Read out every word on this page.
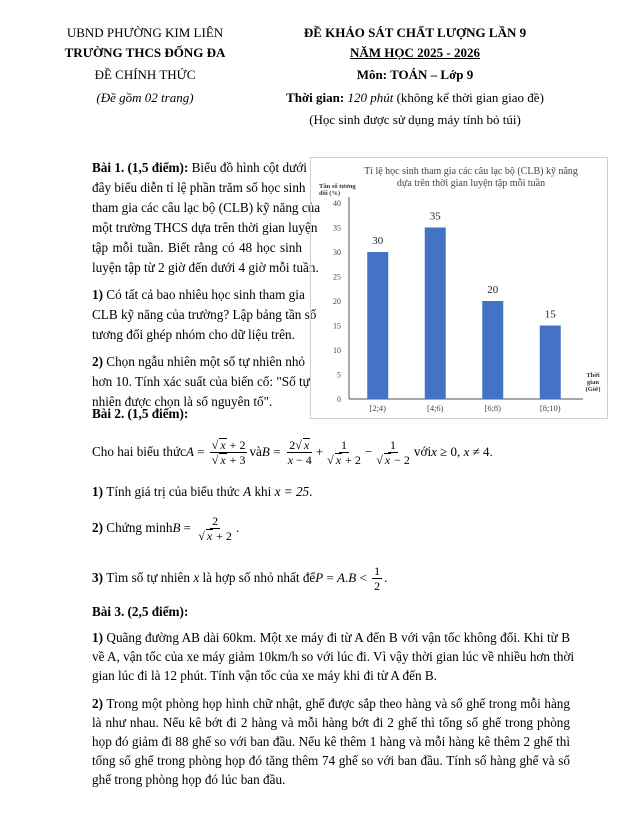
UBND PHƯỜNG KIM LIÊN
TRƯỜNG THCS ĐỐNG ĐA
ĐỀ CHÍNH THỨC
(Đề gồm 02 trang)
ĐỀ KHẢO SÁT CHẤT LƯỢNG LẦN 9
NĂM HỌC 2025 - 2026
Môn: TOÁN – Lớp 9
Thời gian: 120 phút (không kể thời gian giao đề)
(Học sinh được sử dụng máy tính bỏ túi)
Bài 1. (1,5 điểm): Biểu đồ hình cột dưới
đây biểu diễn tỉ lệ phần trăm số học sinh
tham gia các câu lạc bộ (CLB) kỹ năng của
một trường THCS dựa trên thời gian luyện
tập mỗi tuần. Biết rằng có 48 học sinh
luyện tập từ 2 giờ đến dưới 4 giờ mỗi tuần.
1) Có tất cả bao nhiêu học sinh tham gia
CLB kỹ năng của trường? Lập bảng tần số
tương đối ghép nhóm cho dữ liệu trên.
2) Chọn ngẫu nhiên một số tự nhiên nhỏ
hơn 10. Tính xác suất của biến cố: "Số tự
nhiên được chọn là số nguyên tố".
Tỉ lệ học sinh tham gia các câu lạc bộ (CLB) kỹ năng
dựa trên thời gian luyện tập mỗi tuần
Tần số tương
đối (%)
Thời
gian
(Giờ)
0
5
10
15
20
25
30
35
40
30
[2;4)
35
[4;6)
20
[6;8)
15
[8;10)
Bài 2. (1,5 điểm):
Cho hai biểu thức $A = \frac{√ x + 2}{√ x + 3}$ và $B = \frac{2√ x}{x - 4} + \frac{1}{√ x + 2} - \frac{1}{√ x - 2}$ với x ≥ 0, x ≠ 4.
1) Tính giá trị của biểu thức A khi x = 25.
2) Chứng minh $B = \frac{2}{√ x + 2}$ .
3) Tìm số tự nhiên x là hợp số nhỏ nhất để P = A . $B < \frac{1}{2}$ .
Bài 3. (2,5 điểm):
1) Quãng đường AB dài 60km. Một xe máy đi từ A đến B với vận tốc không đổi. Khi từ B
về A, vận tốc của xe máy giảm 10km/h so với lúc đi. Vì vậy thời gian lúc về nhiều hơn thời
gian lúc đi là 12 phút. Tính vận tốc của xe máy khi đi từ A đến B.
2) Trong một phòng họp hình chữ nhật, ghế được sắp theo hàng và số ghế trong mỗi hàng
là như nhau. Nếu kê bớt đi 2 hàng và mỗi hàng bớt đi 2 ghế thì tổng số ghế trong phòng
họp đó giảm đi 88 ghế so với ban đầu. Nếu kê thêm 1 hàng và mỗi hàng kê thêm 2 ghế thì
tổng số ghế trong phòng họp đó tăng thêm 74 ghế so với ban đầu. Tính số hàng ghế và số
ghế trong phòng họp đó lúc ban đầu.
